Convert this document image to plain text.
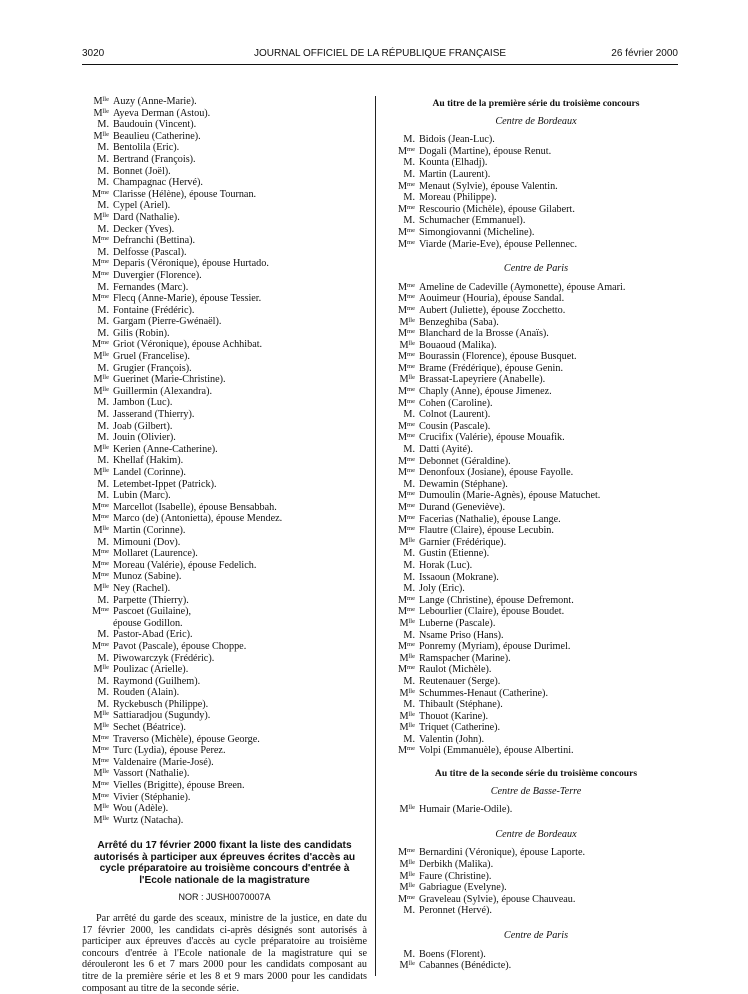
3020	JOURNAL OFFICIEL DE LA RÉPUBLIQUE FRANÇAISE	26 février 2000
$M^{lle}$ Auzy (Anne-Marie).
$M^{lle}$ Ayeva Derman (Astou).
M. Baudouin (Vincent).
$M^{lle}$ Beaulieu (Catherine).
M. Bentolila (Eric).
M. Bertrand (François).
M. Bonnet (Joël).
M. Champagnac (Hervé).
$M^{me}$ Clarisse (Hélène), épouse Tournan.
M. Cypel (Ariel).
$M^{lle}$ Dard (Nathalie).
M. Decker (Yves).
$M^{me}$ Defranchi (Bettina).
M. Delfosse (Pascal).
$M^{me}$ Deparis (Véronique), épouse Hurtado.
$M^{me}$ Duvergier (Florence).
M. Fernandes (Marc).
$M^{me}$ Flecq (Anne-Marie), épouse Tessier.
M. Fontaine (Frédéric).
M. Gargam (Pierre-Gwénaël).
M. Gilis (Robin).
$M^{me}$ Griot (Véronique), épouse Achhibat.
$M^{lle}$ Gruel (Francelise).
M. Grugier (François).
$M^{lle}$ Guerinet (Marie-Christine).
$M^{lle}$ Guillermin (Alexandra).
M. Jambon (Luc).
M. Jasserand (Thierry).
M. Joab (Gilbert).
M. Jouin (Olivier).
$M^{lle}$ Kerien (Anne-Catherine).
M. Khellaf (Hakim).
$M^{lle}$ Landel (Corinne).
M. Letembet-Ippet (Patrick).
M. Lubin (Marc).
$M^{me}$ Marcellot (Isabelle), épouse Bensabbah.
$M^{me}$ Marco (de) (Antonietta), épouse Mendez.
$M^{lle}$ Martin (Corinne).
M. Mimouni (Dov).
$M^{me}$ Mollaret (Laurence).
$M^{me}$ Moreau (Valérie), épouse Fedelich.
$M^{me}$ Munoz (Sabine).
$M^{lle}$ Ney (Rachel).
M. Parpette (Thierry).
$M^{me}$ Pascoet (Guilaine),
épouse Godillon.
M. Pastor-Abad (Eric).
$M^{me}$ Pavot (Pascale), épouse Choppe.
M. Piwowarczyk (Frédéric).
$M^{lle}$ Poulizac (Arielle).
M. Raymond (Guilhem).
M. Rouden (Alain).
M. Ryckebusch (Philippe).
$M^{lle}$ Sattiaradjou (Sugundy).
$M^{lle}$ Sechet (Béatrice).
$M^{me}$ Traverso (Michèle), épouse George.
$M^{me}$ Turc (Lydia), épouse Perez.
$M^{me}$ Valdenaire (Marie-José).
$M^{lle}$ Vassort (Nathalie).
$M^{me}$ Vielles (Brigitte), épouse Breen.
$M^{me}$ Vivier (Stéphanie).
$M^{lle}$ Wou (Adèle).
$M^{lle}$ Wurtz (Natacha).
Arrêté du 17 février 2000 fixant la liste des candidats autorisés à participer aux épreuves écrites d'accès au cycle préparatoire au troisième concours d'entrée à l'Ecole nationale de la magistrature
NOR : JUSH0070007A
Par arrêté du garde des sceaux, ministre de la justice, en date du 17 février 2000, les candidats ci-après désignés sont autorisés à participer aux épreuves d'accès au cycle préparatoire au troisième concours d'entrée à l'Ecole nationale de la magistrature qui se dérouleront les 6 et 7 mars 2000 pour les candidats composant au titre de la première série et les 8 et 9 mars 2000 pour les candidats composant au titre de la seconde série.
Au titre de la première série du troisième concours
Centre de Bordeaux
M. Bidois (Jean-Luc).
$M^{me}$ Dogali (Martine), épouse Renut.
M. Kounta (Elhadj).
M. Martin (Laurent).
$M^{me}$ Menaut (Sylvie), épouse Valentin.
M. Moreau (Philippe).
$M^{me}$ Rescourio (Michèle), épouse Gilabert.
M. Schumacher (Emmanuel).
$M^{me}$ Simongiovanni (Micheline).
$M^{me}$ Viarde (Marie-Eve), épouse Pellennec.
Centre de Paris
$M^{me}$ Ameline de Cadeville (Aymonette), épouse Amari.
$M^{me}$ Aouimeur (Houria), épouse Sandal.
$M^{me}$ Aubert (Juliette), épouse Zocchetto.
$M^{lle}$ Benzeghiba (Saba).
$M^{me}$ Blanchard de la Brosse (Anaïs).
$M^{lle}$ Bouaoud (Malika).
$M^{me}$ Bourassin (Florence), épouse Busquet.
$M^{me}$ Brame (Frédérique), épouse Genin.
$M^{lle}$ Brassat-Lapeyriere (Anabelle).
$M^{me}$ Chaply (Anne), épouse Jimenez.
$M^{me}$ Cohen (Caroline).
M. Colnot (Laurent).
$M^{me}$ Cousin (Pascale).
$M^{me}$ Crucifix (Valérie), épouse Mouafik.
M. Datti (Ayité).
$M^{me}$ Debonnet (Géraldine).
$M^{me}$ Denonfoux (Josiane), épouse Fayolle.
M. Dewamin (Stéphane).
$M^{me}$ Dumoulin (Marie-Agnès), épouse Matuchet.
$M^{me}$ Durand (Geneviève).
$M^{me}$ Facerias (Nathalie), épouse Lange.
$M^{me}$ Flautre (Claire), épouse Lecubin.
$M^{lle}$ Garnier (Frédérique).
M. Gustin (Etienne).
M. Horak (Luc).
M. Issaoun (Mokrane).
M. Joly (Eric).
$M^{me}$ Lange (Christine), épouse Defremont.
$M^{me}$ Lebourlier (Claire), épouse Boudet.
$M^{lle}$ Luberne (Pascale).
M. Nsame Priso (Hans).
$M^{me}$ Ponremy (Myriam), épouse Durimel.
$M^{lle}$ Ramspacher (Marine).
$M^{me}$ Raulot (Michèle).
M. Reutenauer (Serge).
$M^{lle}$ Schummes-Henaut (Catherine).
M. Thibault (Stéphane).
$M^{lle}$ Thouot (Karine).
$M^{lle}$ Triquet (Catherine).
M. Valentin (John).
$M^{me}$ Volpi (Emmanuèle), épouse Albertini.
Au titre de la seconde série du troisième concours
Centre de Basse-Terre
$M^{lle}$ Humair (Marie-Odile).
Centre de Bordeaux
$M^{me}$ Bernardini (Véronique), épouse Laporte.
$M^{lle}$ Derbikh (Malika).
$M^{lle}$ Faure (Christine).
$M^{lle}$ Gabriague (Evelyne).
$M^{me}$ Graveleau (Sylvie), épouse Chauveau.
M. Peronnet (Hervé).
Centre de Paris
M. Boens (Florent).
$M^{lle}$ Cabannes (Bénédicte).
